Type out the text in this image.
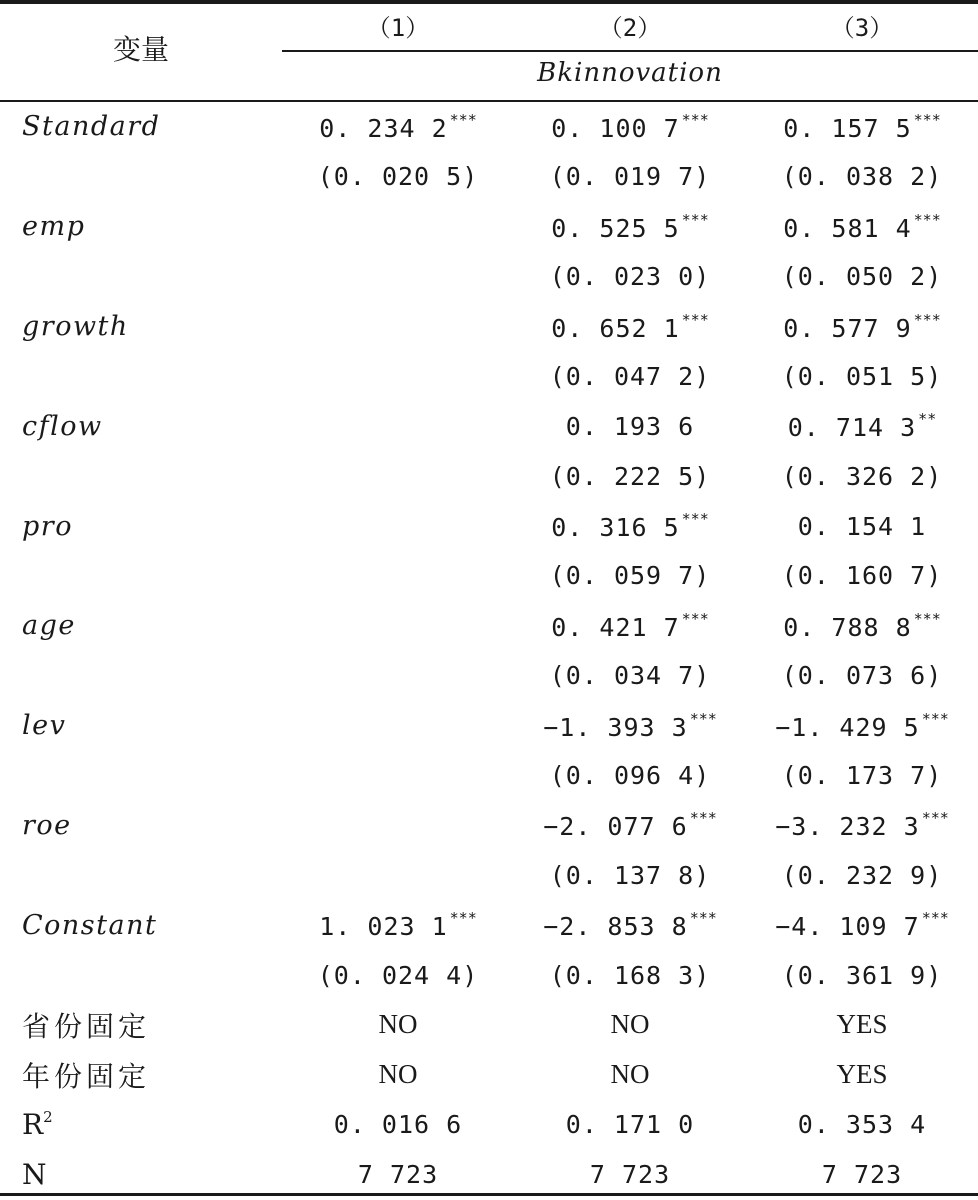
变量
（1）	（2）	（3）
Bkinnovation
Standard	0. 234 2 ***	0. 100 7 ***	0. 157 5 ***
	(0. 020 5)	(0. 019 7)	(0. 038 2)
emp		0. 525 5 ***	0. 581 4 ***
		(0. 023 0)	(0. 050 2)
growth		0. 652 1 ***	0. 577 9 ***
		(0. 047 2)	(0. 051 5)
cflow		0. 193 6	0. 714 3 **
		(0. 222 5)	(0. 326 2)
pro		0. 316 5 ***	0. 154 1
		(0. 059 7)	(0. 160 7)
age		0. 421 7 ***	0. 788 8 ***
		(0. 034 7)	(0. 073 6)
lev		−1. 393 3 ***	−1. 429 5 ***
		(0. 096 4)	(0. 173 7)
roe		−2. 077 6 ***	−3. 232 3 ***
		(0. 137 8)	(0. 232 9)
Constant	1. 023 1 ***	−2. 853 8 ***	−4. 109 7 ***
	(0. 024 4)	(0. 168 3)	(0. 361 9)
省份固定	NO	NO	YES
年份固定	NO	NO	YES
$R^2$	0. 016 6	0. 171 0	0. 353 4
N	7 723	7 723	7 723
